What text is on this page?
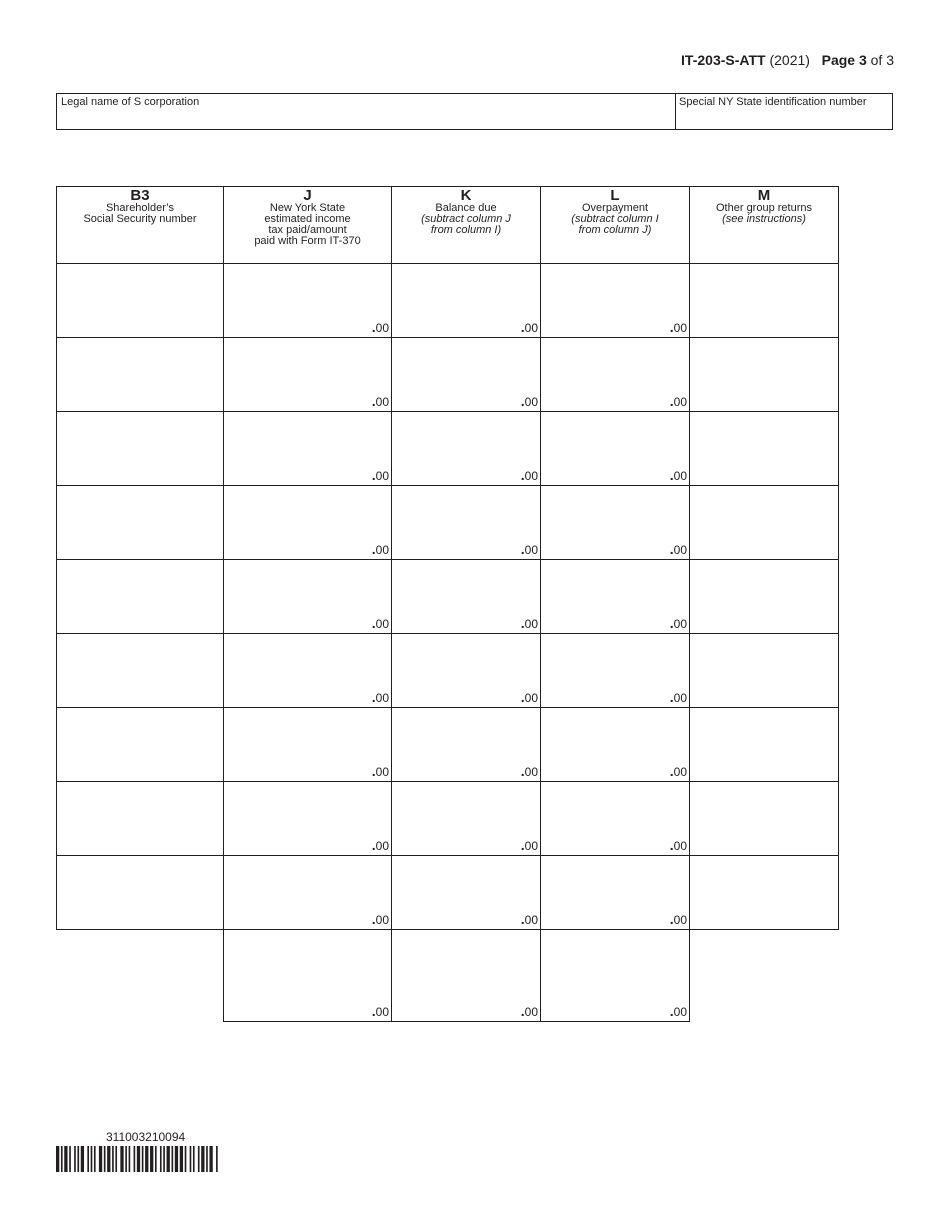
IT-203-S-ATT (2021) Page 3 of 3
Legal name of S corporation	Special NY State identification number
B3
Shareholder’s
Social Security number	J
New York State
estimated income
tax paid/amount
paid with Form IT-370	K
Balance due
(subtract column J
from column I)	L
Overpayment
(subtract column I
from column J)	M
Other group returns
(see instructions)

	.00	.00	.00	
	.00	.00	.00	
	.00	.00	.00	
	.00	.00	.00	
	.00	.00	.00	
	.00	.00	.00	
	.00	.00	.00	
	.00	.00	.00	
	.00	.00	.00	
	.00	.00	.00	
311003210094
